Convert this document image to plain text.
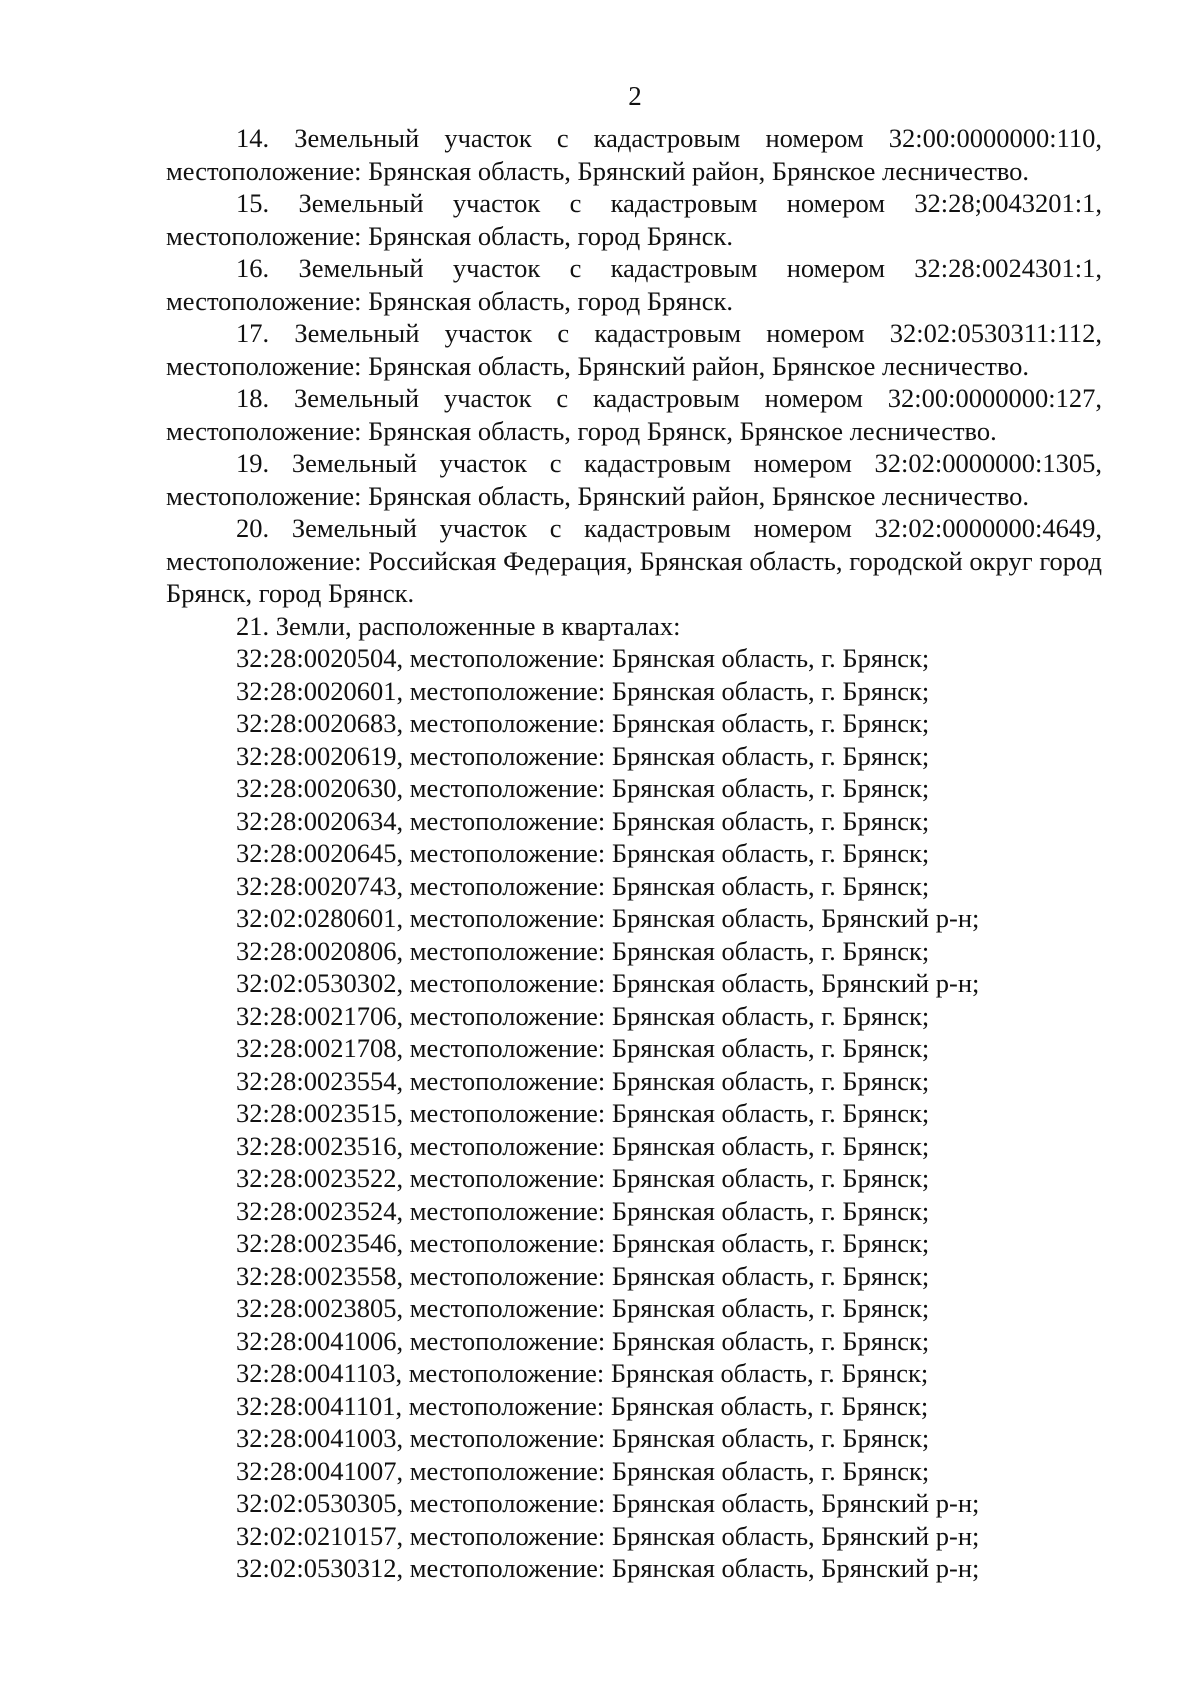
2

14. Земельный участок с кадастровым номером 32:00:0000000:110,
местоположение: Брянская область, Брянский район, Брянское лесничество.

15. Земельный участок с кадастровым номером 32:28;0043201:1,
местоположение: Брянская область, город Брянск.

16. Земельный участок с кадастровым номером 32:28:0024301:1,
местоположение: Брянская область, город Брянск.

17. Земельный участок с кадастровым номером 32:02:0530311:112,
местоположение: Брянская область, Брянский район, Брянское лесничество.

18. Земельный участок с кадастровым номером 32:00:0000000:127,
местоположение: Брянская область, город Брянск, Брянское лесничество.

19. Земельный участок с кадастровым номером 32:02:0000000:1305,
местоположение: Брянская область, Брянский район, Брянское лесничество.

20. Земельный участок с кадастровым номером 32:02:0000000:4649,
местоположение: Российская Федерация, Брянская область, городской округ город Брянск, город Брянск.

21. Земли, расположенные в кварталах:

32:28:0020504, местоположение: Брянская область, г. Брянск;
32:28:0020601, местоположение: Брянская область, г. Брянск;
32:28:0020683, местоположение: Брянская область, г. Брянск;
32:28:0020619, местоположение: Брянская область, г. Брянск;
32:28:0020630, местоположение: Брянская область, г. Брянск;
32:28:0020634, местоположение: Брянская область, г. Брянск;
32:28:0020645, местоположение: Брянская область, г. Брянск;
32:28:0020743, местоположение: Брянская область, г. Брянск;
32:02:0280601, местоположение: Брянская область, Брянский р-н;
32:28:0020806, местоположение: Брянская область, г. Брянск;
32:02:0530302, местоположение: Брянская область, Брянский р-н;
32:28:0021706, местоположение: Брянская область, г. Брянск;
32:28:0021708, местоположение: Брянская область, г. Брянск;
32:28:0023554, местоположение: Брянская область, г. Брянск;
32:28:0023515, местоположение: Брянская область, г. Брянск;
32:28:0023516, местоположение: Брянская область, г. Брянск;
32:28:0023522, местоположение: Брянская область, г. Брянск;
32:28:0023524, местоположение: Брянская область, г. Брянск;
32:28:0023546, местоположение: Брянская область, г. Брянск;
32:28:0023558, местоположение: Брянская область, г. Брянск;
32:28:0023805, местоположение: Брянская область, г. Брянск;
32:28:0041006, местоположение: Брянская область, г. Брянск;
32:28:0041103, местоположение: Брянская область, г. Брянск;
32:28:0041101, местоположение: Брянская область, г. Брянск;
32:28:0041003, местоположение: Брянская область, г. Брянск;
32:28:0041007, местоположение: Брянская область, г. Брянск;
32:02:0530305, местоположение: Брянская область, Брянский р-н;
32:02:0210157, местоположение: Брянская область, Брянский р-н;
32:02:0530312, местоположение: Брянская область, Брянский р-н;
